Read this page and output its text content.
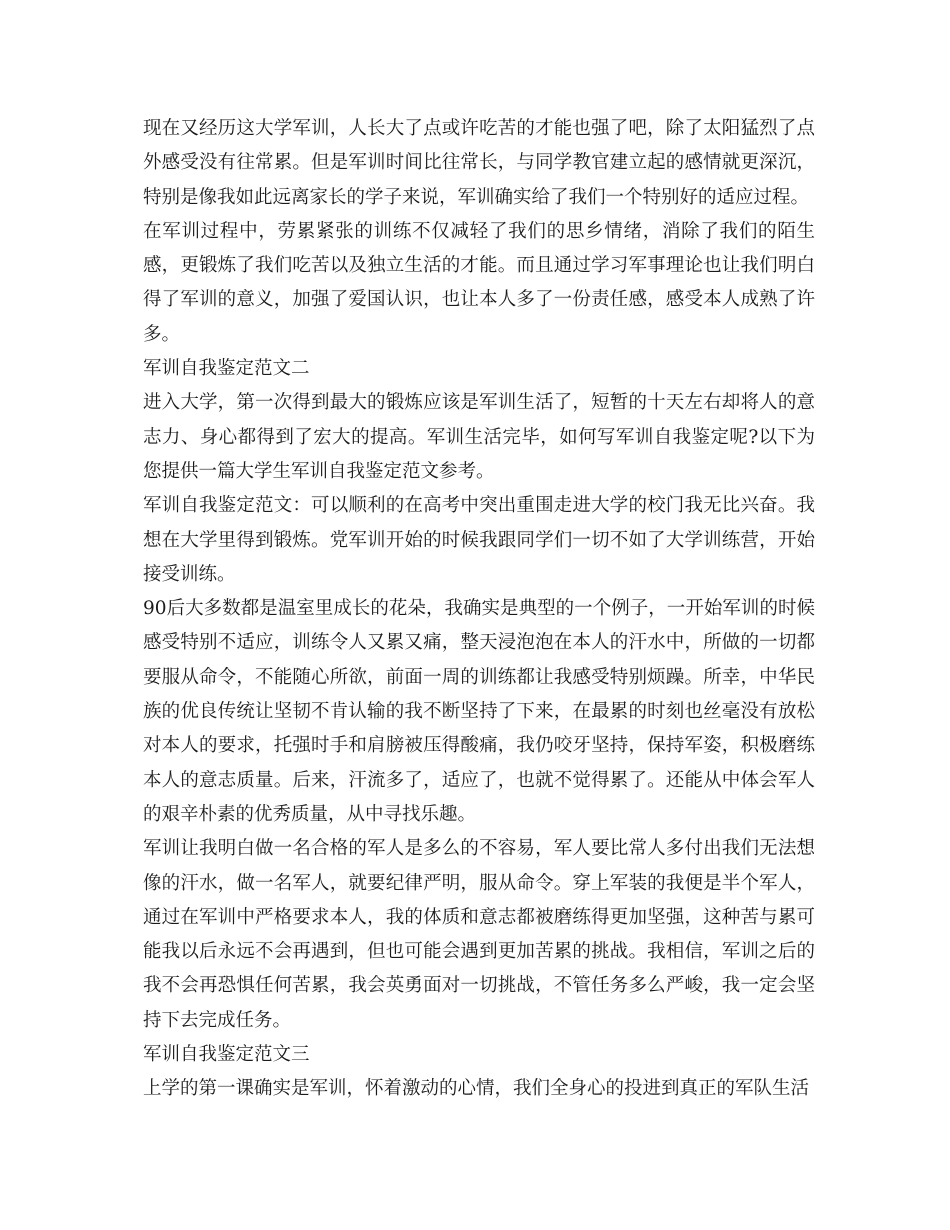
现在又经历这大学军训，人长大了点或许吃苦的才能也强了吧，除了太阳猛烈了点外感受没有往常累。但是军训时间比往常长，与同学教官建立起的感情就更深沉，特别是像我如此远离家长的学子来说，军训确实给了我们一个特别好的适应过程。

在军训过程中，劳累紧张的训练不仅减轻了我们的思乡情绪，消除了我们的陌生感，更锻炼了我们吃苦以及独立生活的才能。而且通过学习军事理论也让我们明白得了军训的意义，加强了爱国认识，也让本人多了一份责任感，感受本人成熟了许多。

军训自我鉴定范文二

进入大学，第一次得到最大的锻炼应该是军训生活了，短暂的十天左右却将人的意志力、身心都得到了宏大的提高。军训生活完毕，如何写军训自我鉴定呢?以下为您提供一篇大学生军训自我鉴定范文参考。

军训自我鉴定范文：可以顺利的在高考中突出重围走进大学的校门我无比兴奋。我想在大学里得到锻炼。党军训开始的时候我跟同学们一切不如了大学训练营，开始接受训练。

90后大多数都是温室里成长的花朵，我确实是典型的一个例子，一开始军训的时候感受特别不适应，训练令人又累又痛，整天浸泡泡在本人的汗水中，所做的一切都要服从命令，不能随心所欲，前面一周的训练都让我感受特别烦躁。所幸，中华民族的优良传统让坚韧不肯认输的我不断坚持了下来，在最累的时刻也丝毫没有放松对本人的要求，托强时手和肩膀被压得酸痛，我仍咬牙坚持，保持军姿，积极磨练本人的意志质量。后来，汗流多了，适应了，也就不觉得累了。还能从中体会军人的艰辛朴素的优秀质量，从中寻找乐趣。

军训让我明白做一名合格的军人是多么的不容易，军人要比常人多付出我们无法想像的汗水，做一名军人，就要纪律严明，服从命令。穿上军装的我便是半个军人，通过在军训中严格要求本人，我的体质和意志都被磨练得更加坚强，这种苦与累可能我以后永远不会再遇到，但也可能会遇到更加苦累的挑战。我相信，军训之后的我不会再恐惧任何苦累，我会英勇面对一切挑战，不管任务多么严峻，我一定会坚持下去完成任务。

军训自我鉴定范文三

上学的第一课确实是军训，怀着激动的心情，我们全身心的投进到真正的军队生活
